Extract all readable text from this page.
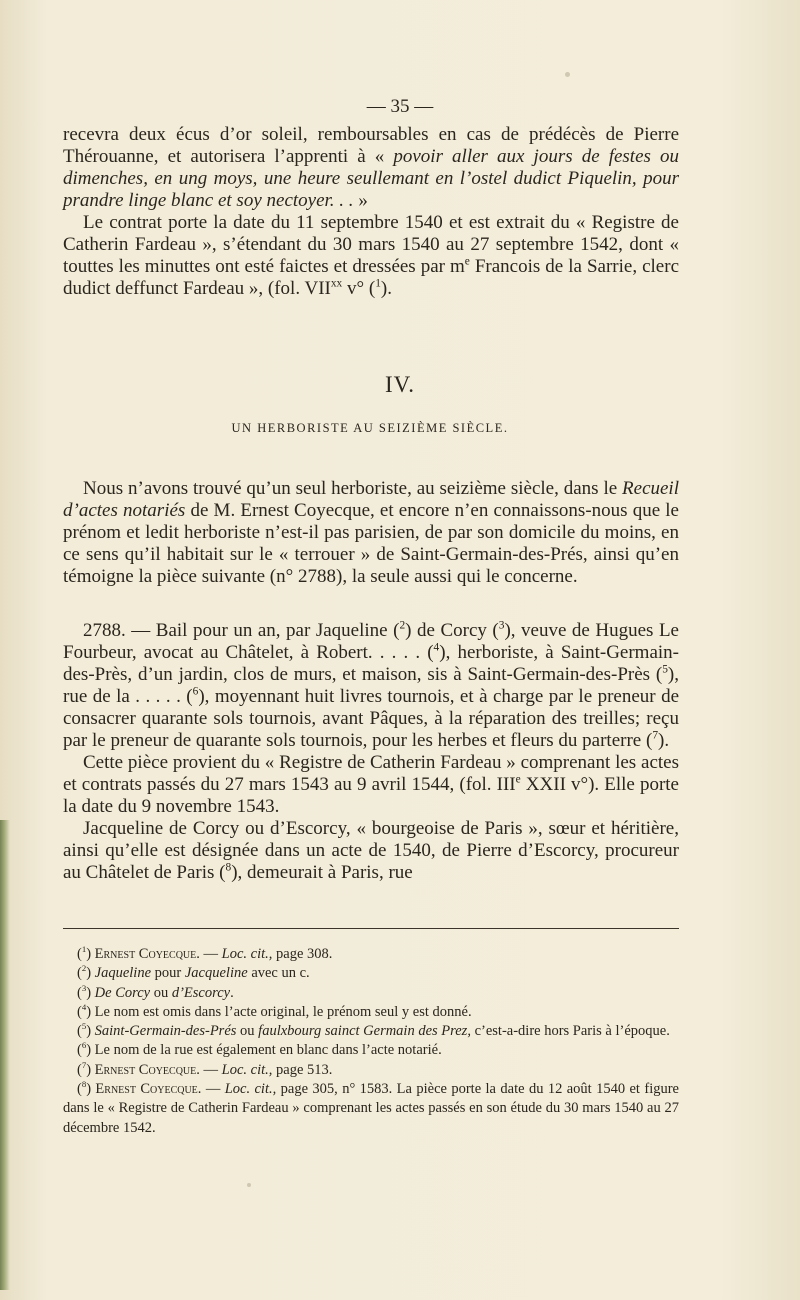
— 35 —

recevra deux écus d’or soleil, remboursables en cas de prédécès de Pierre Thérouanne, et autorisera l’apprenti à « povoir aller aux jours de festes ou dimenches, en ung moys, une heure seullemant en l’ostel dudict Piquelin, pour prandre linge blanc et soy nectoyer. . . »

Le contrat porte la date du 11 septembre 1540 et est extrait du « Registre de Catherin Fardeau », s’étendant du 30 mars 1540 au 27 septembre 1542, dont « touttes les minuttes ont esté faictes et dressées par $m^e$ Francois de la Sarrie, clerc dudict deffunct Fardeau », (fol. VII$^{xx}$ v° ($^1$).

IV.
UN HERBORISTE AU SEIZIÈME SIÈCLE.

Nous n’avons trouvé qu’un seul herboriste, au seizième siècle, dans le Recueil d’actes notariés de M. Ernest Coyecque, et encore n’en connaissons-nous que le prénom et ledit herboriste n’est-il pas parisien, de par son domicile du moins, en ce sens qu’il habitait sur le « terrouer » de Saint-Germain-des-Prés, ainsi qu’en témoigne la pièce suivante (n° 2788), la seule aussi qui le concerne.

2788. — Bail pour un an, par Jaqueline ($^2$) de Corcy ($^3$), veuve de Hugues Le Fourbeur, avocat au Châtelet, à Robert. . . . . ($^4$), herboriste, à Saint-Germain-des-Près, d’un jardin, clos de murs, et maison, sis à Saint-Germain-des-Près ($^5$), rue de la . . . . . ($^6$), moyennant huit livres tournois, et à charge par le preneur de consacrer quarante sols tournois, avant Pâques, à la réparation des treilles; reçu par le preneur de quarante sols tournois, pour les herbes et fleurs du parterre ($^7$).

Cette pièce provient du « Registre de Catherin Fardeau » comprenant les actes et contrats passés du 27 mars 1543 au 9 avril 1544, (fol. IIIe XXII v°). Elle porte la date du 9 novembre 1543.

Jacqueline de Corcy ou d’Escorcy, « bourgeoise de Paris », sœur et héritière, ainsi qu’elle est désignée dans un acte de 1540, de Pierre d’Escorcy, procureur au Châtelet de Paris ($^8$), demeurait à Paris, rue

($^1$) Ernest Coyecque. — Loc. cit., page 308.

($^2$) Jaqueline pour Jacqueline avec un c.

($^3$) De Corcy ou d’Escorcy.

($^4$) Le nom est omis dans l’acte original, le prénom seul y est donné.

($^5$) Saint-Germain-des-Prés ou faulxbourg sainct Germain des Prez, c’est-a-dire hors Paris à l’époque.

($^6$) Le nom de la rue est également en blanc dans l’acte notarié.

($^7$) Ernest Coyecque. — Loc. cit., page 513.

($^8$) Ernest Coyecque. — Loc. cit., page 305, n° 1583. La pièce porte la date du 12 août 1540 et figure dans le « Registre de Catherin Fardeau » comprenant les actes passés en son étude du 30 mars 1540 au 27 décembre 1542.
